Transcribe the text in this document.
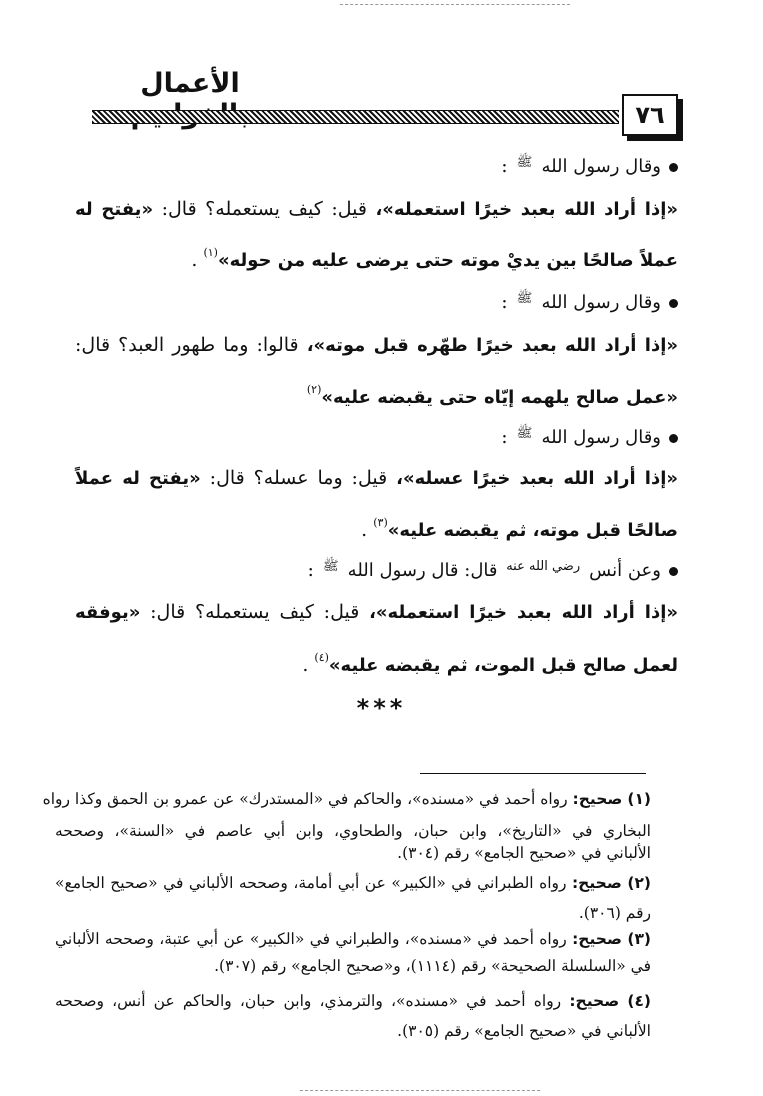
الأعمال
٧٦
وقال رسول الله ﷺ :
«إذا أراد الله بعبد خيرًا استعمله»، قيل: كيف يستعمله؟ قال: «يفتح له
عملاً صالحًا بين يديْ موته حتى يرضى عليه من حوله»$^{(١)}$ .
وقال رسول الله ﷺ :
«إذا أراد الله بعبد خيرًا طهّره قبل موته»، قالوا: وما طهور العبد؟ قال:
«عمل صالح يلهمه إيّاه حتى يقبضه عليه»$^{(٢)}$
وقال رسول الله ﷺ :
«إذا أراد الله بعبد خيرًا عسله»، قيل: وما عسله؟ قال: «يفتح له عملاً
صالحًا قبل موته، ثم يقبضه عليه»$^{(٣)}$ .
وعن أنس رضي الله عنه قال: قال رسول الله ﷺ :
«إذا أراد الله بعبد خيرًا استعمله»، قيل: كيف يستعمله؟ قال: «يوفقه
لعمل صالح قبل الموت، ثم يقبضه عليه»$^{(٤)}$ .
***
(١) صحيح: رواه أحمد في «مسنده»، والحاكم في «المستدرك» عن عمرو بن الحمق وكذا رواه
البخاري في «التاريخ»، وابن حبان، والطحاوي، وابن أبي عاصم في «السنة»، وصححه
الألباني في «صحيح الجامع» رقم (٣٠٤).
(٢) صحيح: رواه الطبراني في «الكبير» عن أبي أمامة، وصححه الألباني في «صحيح الجامع»
رقم (٣٠٦).
(٣) صحيح: رواه أحمد في «مسنده»، والطبراني في «الكبير» عن أبي عتبة، وصححه الألباني
في «السلسلة الصحيحة» رقم (١١١٤)، و«صحيح الجامع» رقم (٣٠٧).
(٤) صحيح: رواه أحمد في «مسنده»، والترمذي، وابن حبان، والحاكم عن أنس، وصححه
الألباني في «صحيح الجامع» رقم (٣٠٥).
